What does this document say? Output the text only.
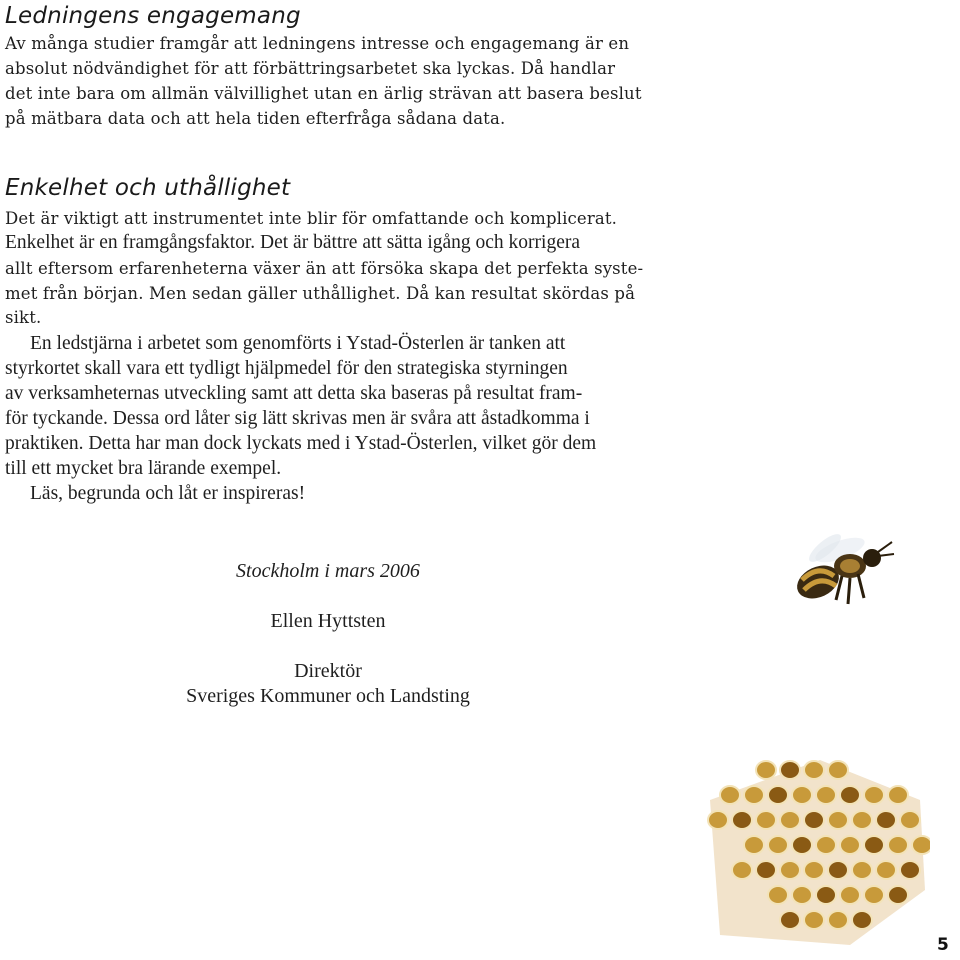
Ledningens engagemang
Av många studier framgår att ledningens intresse och engagemang är en
absolut nödvändighet för att förbättringsarbetet ska lyckas. Då handlar
det inte bara om allmän välvillighet utan en ärlig strävan att basera beslut
på mätbara data och att hela tiden efterfråga sådana data.
Enkelhet och uthållighet
Det är viktigt att instrumentet inte blir för omfattande och komplicerat.
Enkelhet är en framgångsfaktor. Det är bättre att sätta igång och korrigera
allt eftersom erfarenheterna växer än att försöka skapa det perfekta syste-
met från början. Men sedan gäller uthållighet. Då kan resultat skördas på
sikt.
En ledstjärna i arbetet som genomförts i Ystad-Österlen är tanken att
styrkortet skall vara ett tydligt hjälpmedel för den strategiska styrningen
av verksamheternas utveckling samt att detta ska baseras på resultat fram-
för tyckande. Dessa ord låter sig lätt skrivas men är svåra att åstadkomma i
praktiken. Detta har man dock lyckats med i Ystad-Österlen, vilket gör dem
till ett mycket bra lärande exempel.
Läs, begrunda och låt er inspireras!
Stockholm i mars 2006
Ellen Hyttsten
Direktör
Sveriges Kommuner och Landsting
5
